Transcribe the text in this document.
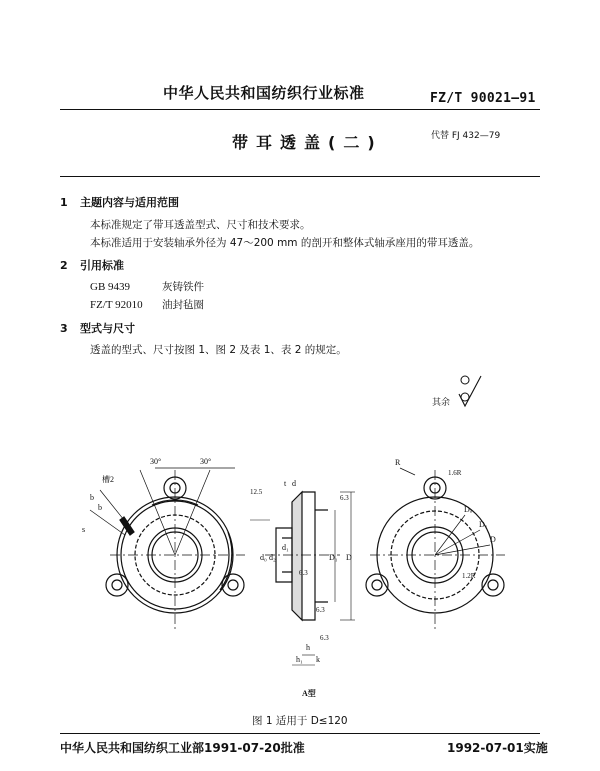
中华人民共和国纺织行业标准	FZ/T 90021—91
带耳透盖(二)	代替 FJ 432—79
1 主题内容与适用范围
本标准规定了带耳透盖型式、尺寸和技术要求。
本标准适用于安装轴承外径为 47～200 mm 的剖开和整体式轴承座用的带耳透盖。
2 引用标准
GB 9439	灰铸铁件
FZ/T 92010 油封毡圈
3 型式与尺寸
透盖的型式、尺寸按图 1、图 2 及表 1、表 2 的规定。
其余
30°	30°
槽2
b
b
s
12.5
t d
6.3
d₀ d₂
d₁
D₁ D
6.3
6.3
6.3
h
h₁ k
A型
R
1.6R
Dₐ
D₁
D
1.2R
图 1 适用于 D≤120
中华人民共和国纺织工业部1991-07-20批准	1992-07-01实施
